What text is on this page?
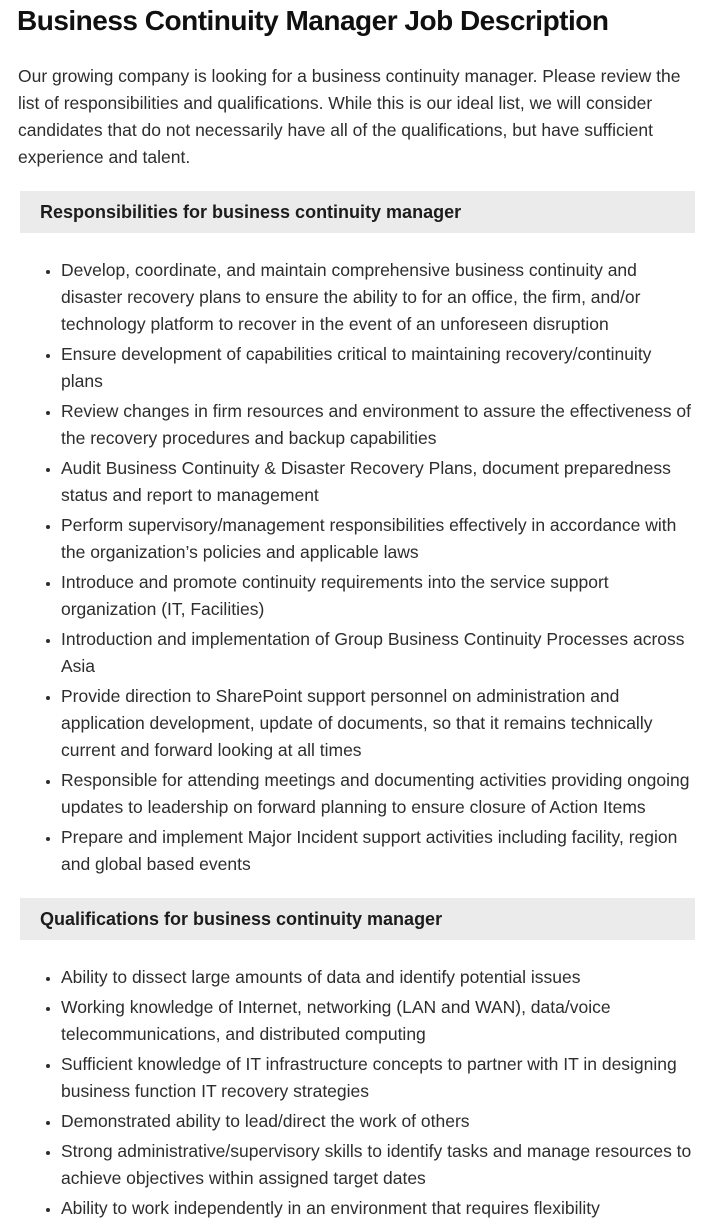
Business Continuity Manager Job Description

Our growing company is looking for a business continuity manager. Please review the list of responsibilities and qualifications. While this is our ideal list, we will consider candidates that do not necessarily have all of the qualifications, but have sufficient experience and talent.

Responsibilities for business continuity manager
• Develop, coordinate, and maintain comprehensive business continuity and disaster recovery plans to ensure the ability to for an office, the firm, and/or technology platform to recover in the event of an unforeseen disruption
• Ensure development of capabilities critical to maintaining recovery/continuity plans
• Review changes in firm resources and environment to assure the effectiveness of the recovery procedures and backup capabilities
• Audit Business Continuity & Disaster Recovery Plans, document preparedness status and report to management
• Perform supervisory/management responsibilities effectively in accordance with the organization’s policies and applicable laws
• Introduce and promote continuity requirements into the service support organization (IT, Facilities)
• Introduction and implementation of Group Business Continuity Processes across Asia
• Provide direction to SharePoint support personnel on administration and application development, update of documents, so that it remains technically current and forward looking at all times
• Responsible for attending meetings and documenting activities providing ongoing updates to leadership on forward planning to ensure closure of Action Items
• Prepare and implement Major Incident support activities including facility, region and global based events
Qualifications for business continuity manager
• Ability to dissect large amounts of data and identify potential issues
• Working knowledge of Internet, networking (LAN and WAN), data/voice telecommunications, and distributed computing
• Sufficient knowledge of IT infrastructure concepts to partner with IT in designing business function IT recovery strategies
• Demonstrated ability to lead/direct the work of others
• Strong administrative/supervisory skills to identify tasks and manage resources to achieve objectives within assigned target dates
• Ability to work independently in an environment that requires flexibility
